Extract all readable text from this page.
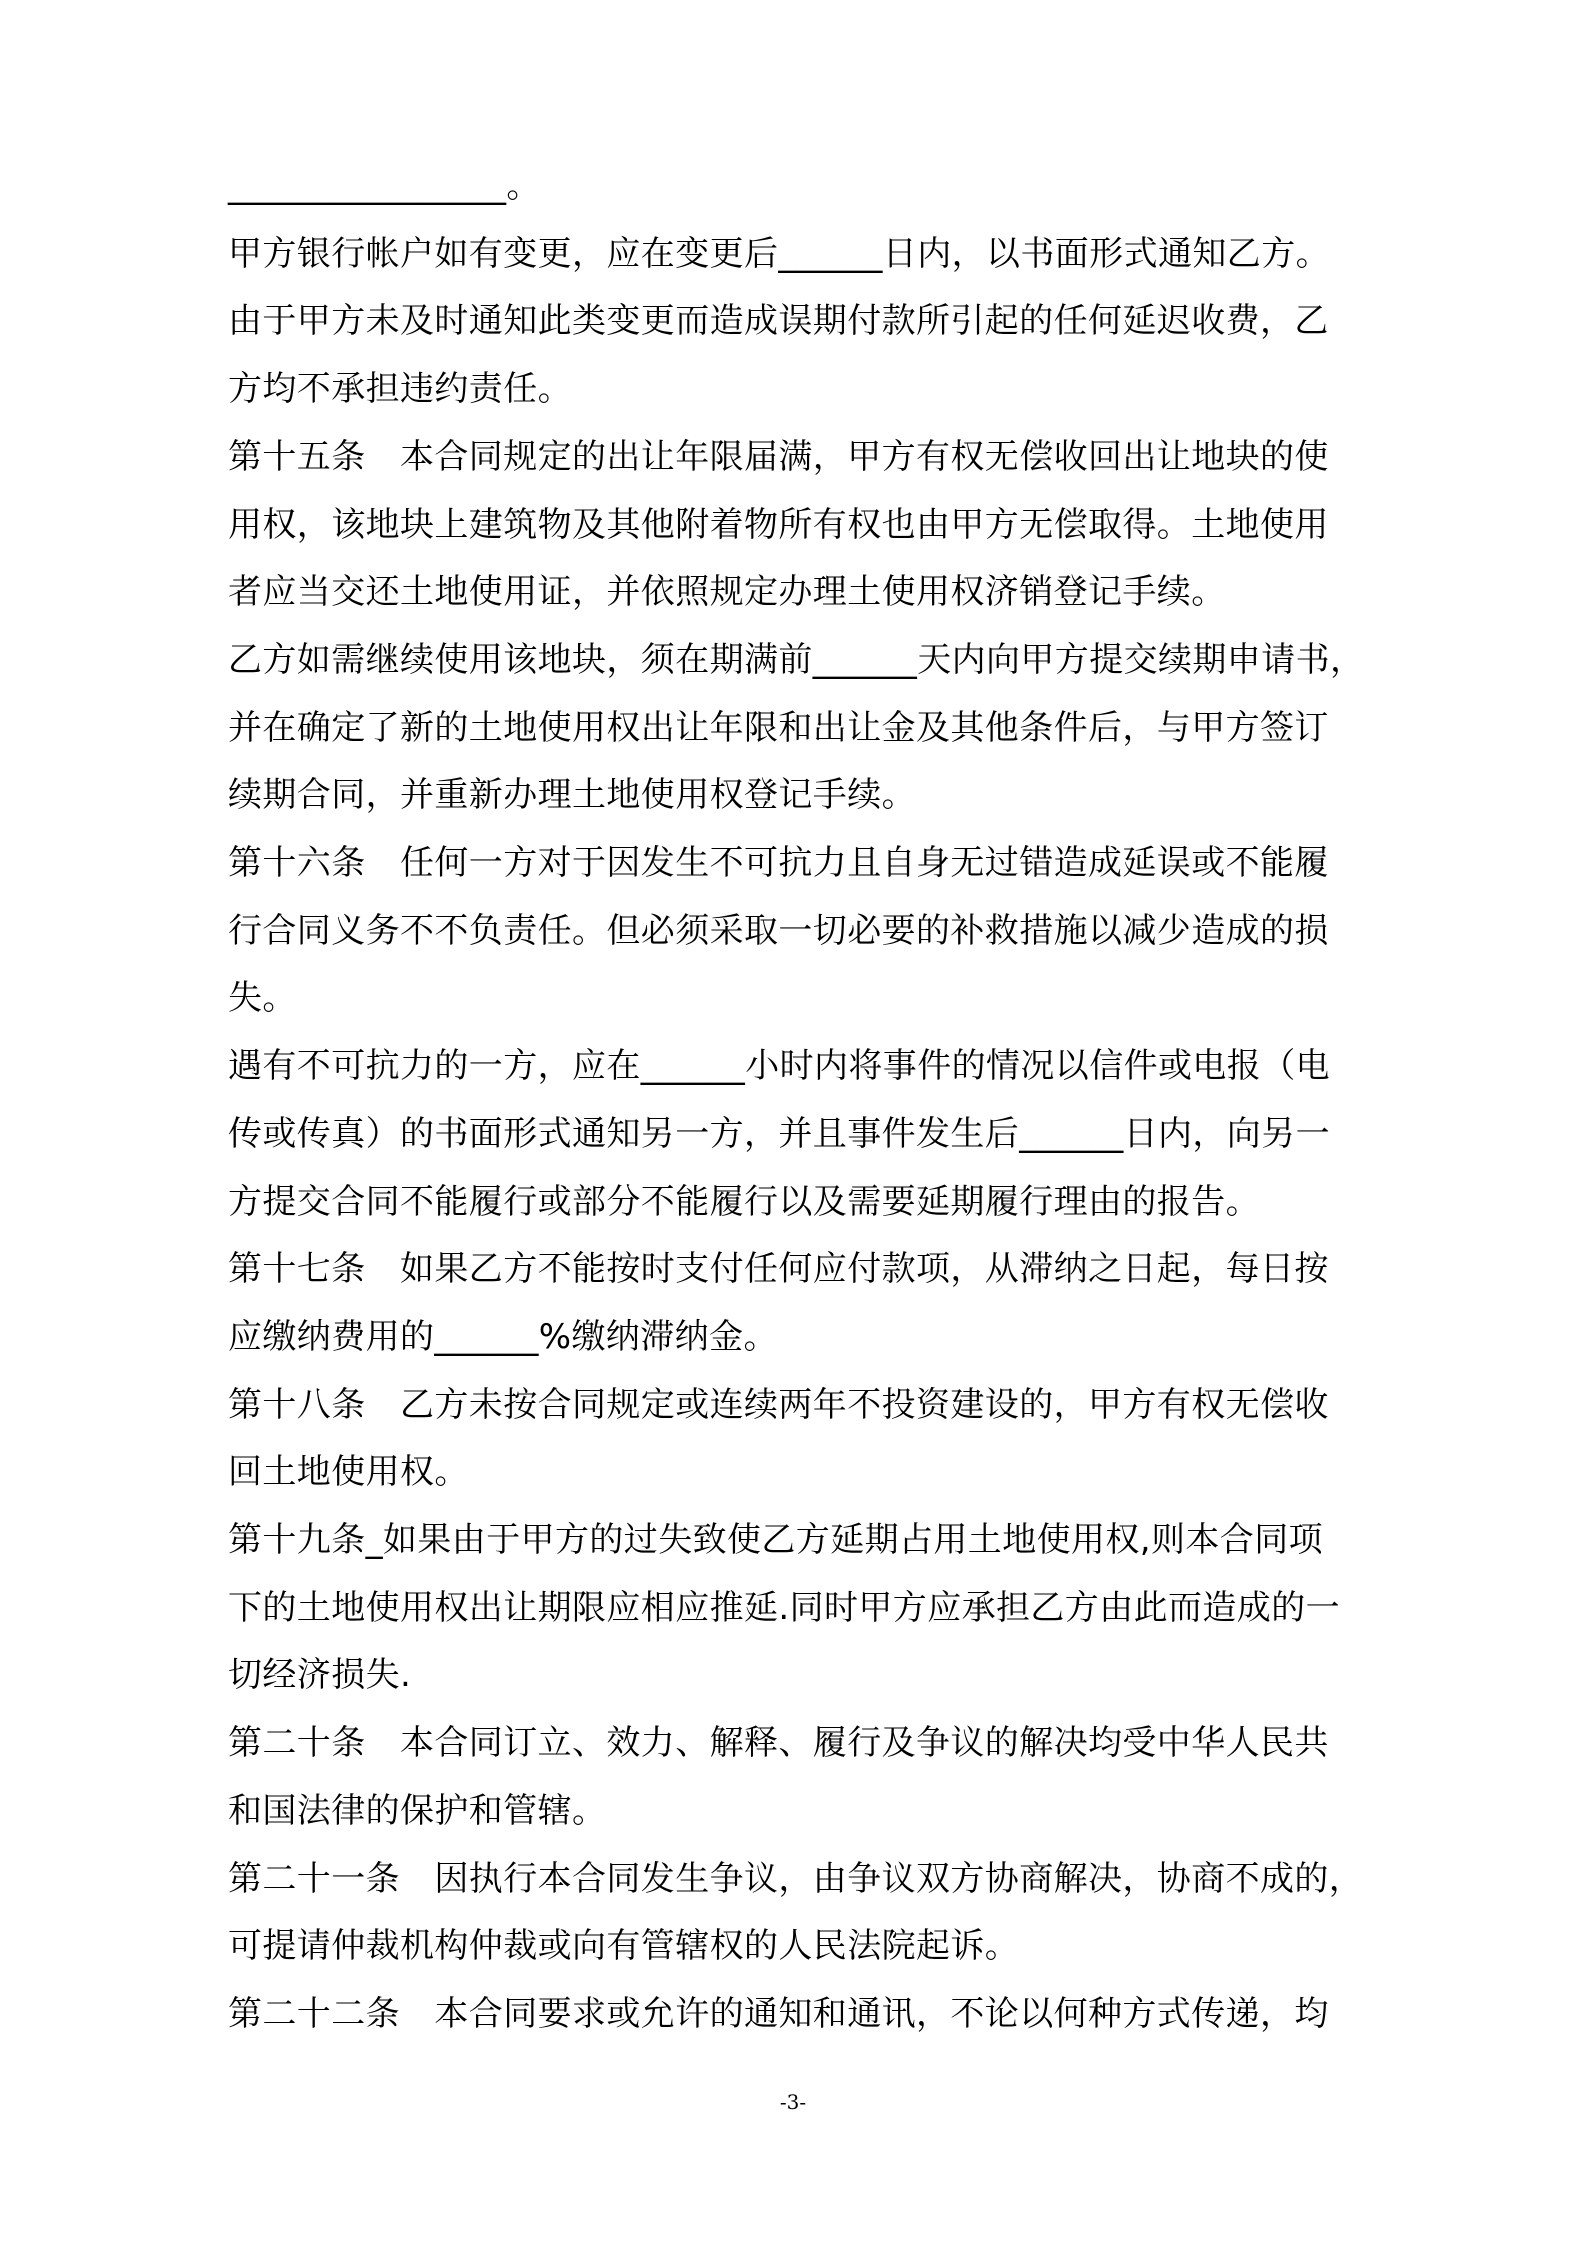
________________。
甲方银行帐户如有变更，应在变更后______日内，以书面形式通知乙方。
由于甲方未及时通知此类变更而造成误期付款所引起的任何延迟收费，乙
方均不承担违约责任。
第十五条　本合同规定的出让年限届满，甲方有权无偿收回出让地块的使
用权，该地块上建筑物及其他附着物所有权也由甲方无偿取得。土地使用
者应当交还土地使用证，并依照规定办理土使用权济销登记手续。
乙方如需继续使用该地块，须在期满前______天内向甲方提交续期申请书，
并在确定了新的土地使用权出让年限和出让金及其他条件后，与甲方签订
续期合同，并重新办理土地使用权登记手续。
第十六条　任何一方对于因发生不可抗力且自身无过错造成延误或不能履
行合同义务不不负责任。但必须采取一切必要的补救措施以减少造成的损
失。
遇有不可抗力的一方，应在______小时内将事件的情况以信件或电报（电
传或传真）的书面形式通知另一方，并且事件发生后______日内，向另一
方提交合同不能履行或部分不能履行以及需要延期履行理由的报告。
第十七条　如果乙方不能按时支付任何应付款项，从滞纳之日起，每日按
应缴纳费用的______%缴纳滞纳金。
第十八条　乙方未按合同规定或连续两年不投资建设的，甲方有权无偿收
回土地使用权。
第十九条_如果由于甲方的过失致使乙方延期占用土地使用权,则本合同项
下的土地使用权出让期限应相应推延.同时甲方应承担乙方由此而造成的一
切经济损失.
第二十条　本合同订立、效力、解释、履行及争议的解决均受中华人民共
和国法律的保护和管辖。
第二十一条　因执行本合同发生争议，由争议双方协商解决，协商不成的，
可提请仲裁机构仲裁或向有管辖权的人民法院起诉。
第二十二条　本合同要求或允许的通知和通讯，不论以何种方式传递，均
-3-
